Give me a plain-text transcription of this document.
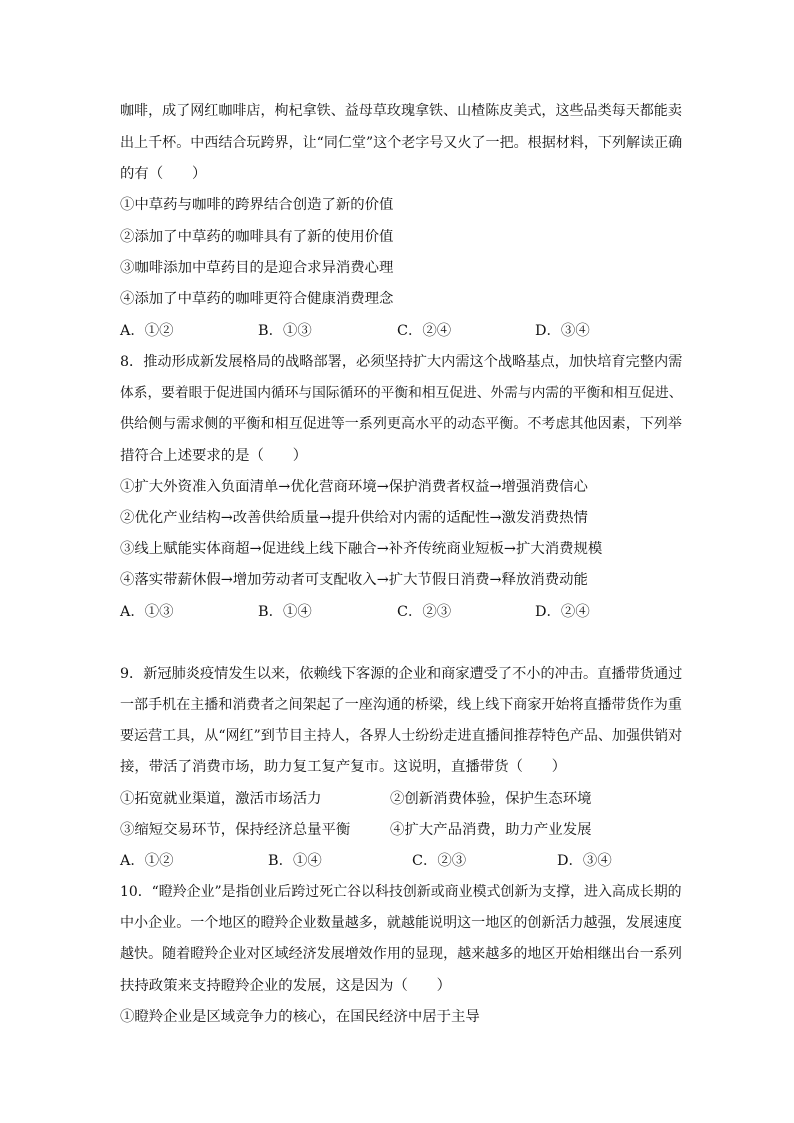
咖啡，成了网红咖啡店，枸杞拿铁、益母草玫瑰拿铁、山楂陈皮美式，这些品类每天都能卖
出上千杯。中西结合玩跨界，让“同仁堂”这个老字号又火了一把。根据材料，下列解读正确
的有（　　）
①中草药与咖啡的跨界结合创造了新的价值
②添加了中草药的咖啡具有了新的使用价值
③咖啡添加中草药目的是迎合求异消费心理
④添加了中草药的咖啡更符合健康消费理念
A．①②	B．①③	C．②④	D．③④
8．推动形成新发展格局的战略部署，必须坚持扩大内需这个战略基点，加快培育完整内需
体系，要着眼于促进国内循环与国际循环的平衡和相互促进、外需与内需的平衡和相互促进、
供给侧与需求侧的平衡和相互促进等一系列更高水平的动态平衡。不考虑其他因素，下列举
措符合上述要求的是（　　）
①扩大外资准入负面清单→优化营商环境→保护消费者权益→增强消费信心
②优化产业结构→改善供给质量→提升供给对内需的适配性→激发消费热情
③线上赋能实体商超→促进线上线下融合→补齐传统商业短板→扩大消费规模
④落实带薪休假→增加劳动者可支配收入→扩大节假日消费→释放消费动能
A．①③	B．①④	C．②③	D．②④
9．新冠肺炎疫情发生以来，依赖线下客源的企业和商家遭受了不小的冲击。直播带货通过
一部手机在主播和消费者之间架起了一座沟通的桥梁，线上线下商家开始将直播带货作为重
要运营工具，从“网红”到节目主持人，各界人士纷纷走进直播间推荐特色产品、加强供销对
接，带活了消费市场，助力复工复产复市。这说明，直播带货（　　）
①拓宽就业渠道，激活市场活力	②创新消费体验，保护生态环境
③缩短交易环节，保持经济总量平衡	④扩大产品消费，助力产业发展
A．①②	B．①④	C．②③	D．③④
10．“瞪羚企业”是指创业后跨过死亡谷以科技创新或商业模式创新为支撑，进入高成长期的
中小企业。一个地区的瞪羚企业数量越多，就越能说明这一地区的创新活力越强，发展速度
越快。随着瞪羚企业对区域经济发展增效作用的显现，越来越多的地区开始相继出台一系列
扶持政策来支持瞪羚企业的发展，这是因为（　　）
①瞪羚企业是区域竞争力的核心，在国民经济中居于主导
